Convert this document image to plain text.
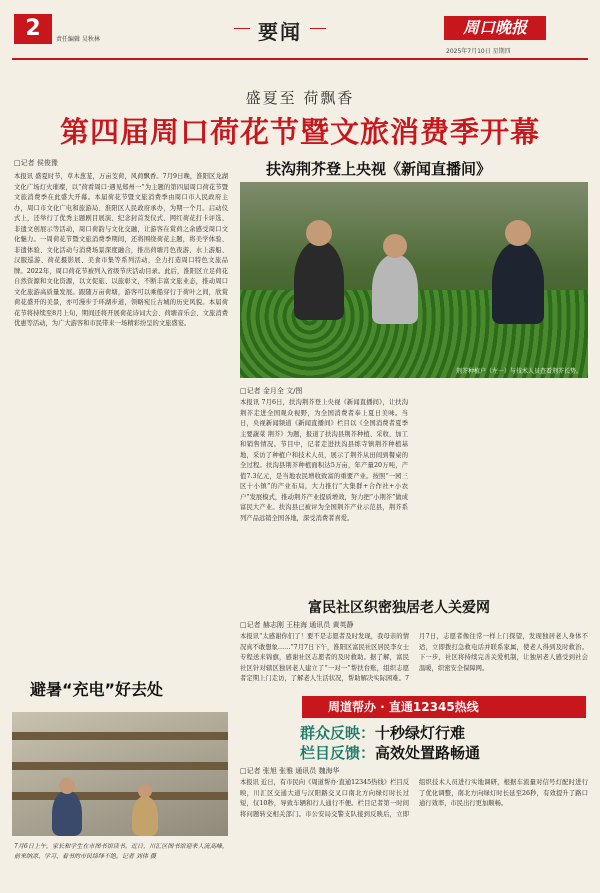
2	责任编辑 吴秋林	要闻	周口晚报
2025年7月10日 星期四
盛夏至 荷飘香
第四届周口荷花节暨文旅消费季开幕
□记者 侯俊豫
本报讯 盛夏时节，草木葱茏，万亩芰荷，风荷飘香。7月9日晚，淮阳区龙湖文化广场灯火璀璨，以“荷看周口·遇见郑州一”为主题的第四届周口荷花节暨文旅消费季在此盛大开幕。本届荷花节暨文旅消费季由周口市人民政府主办，周口市文化广电和旅游局、淮阳区人民政府承办，为期一个月。启动仪式上，还举行了优秀主题剧目展演、纪念封首发仪式、网红荷花打卡评选、非遗文创展示等活动，周口荷韵与文化交融，让游客在赏荷之余感受周口文化魅力。一周荷花节暨文旅消费季期间，还将围绕荷花主题，将美学体验、非遗体验、文化活动与消费场景深度融合，推出荷塘月色夜游、水上游船、汉服巡游、荷花摄影展、美食市集等系列活动，全力打造周口特色文旅品牌。2022年，周口荷花节被列入省级节庆活动目录。此后，淮阳区立足荷花自然资源和文化资源，以文促旅、以旅彰文，不断丰富文旅业态，推动周口文化旅游高质量发展。跟随万亩荷塘，游客可以乘船穿行于荷叶之间，欣赏荷花盛开的美景，亦可漫步于环湖步道，领略宛丘古城的历史风貌。本届荷花节将持续至8月上旬，期间还将开展荷花诗词大会、荷塘音乐会、文旅消费优惠等活动，为广大游客和市民带来一场精彩纷呈的文旅盛宴。
避暑“充电”好去处
7月6日上午，家长和学生在市图书馆读书。近日，川汇区图书馆迎来人流高峰，前来纳凉、学习、看书的市民络绎不绝。记者 刘伟 摄
扶沟荆芥登上央视《新闻直播间》
荆芥种植户（左一）与技术人员查看荆芥长势。
□记者 金月全 文/图
本报讯 7月6日，扶沟荆芥登上央视《新闻直播间》，让扶沟荆芥走进全国观众视野，为全国消费者奉上夏日美味。当日，央视新闻频道《新闻直播间》栏目以《全国消费者夏季主要蔬菜 荆芥》为题，报道了扶沟县荆芥种植、采收、加工和销售情况。节目中，记者走进扶沟县练寺镇荆芥种植基地，采访了种植户和技术人员，展示了荆芥从田间到餐桌的全过程。扶沟县荆芥种植面积达5万亩，年产量20万吨，产值7.3亿元，是当地农民增收致富的重要产业。按照“一园三区十小镇”的产业布局，大力推行“大集群+合作社+小农户”发展模式，推动荆芥产业提质增效，努力把“小荆芥”做成富民大产业。扶沟县已被评为全国荆芥产业示范县，荆芥系列产品远销全国各地，深受消费者喜爱。
富民社区织密独居老人关爱网
□记者 赫志刚 王桂海 通讯员 黄英静
本报讯“太感谢你们了！要不是志愿者及时发现，我母亲的情况真不敢想象……”7月7日下午，淮阳区富民社区居民李女士专程送来锦旗，感谢社区志愿者的及时救助。据了解，富民社区针对辖区独居老人建立了“一对一”帮扶台账，组织志愿者定期上门走访，了解老人生活状况，帮助解决实际困难。7月7日，志愿者像往常一样上门探望，发现独居老人身体不适，立即拨打急救电话并联系家属，使老人得到及时救治。下一步，社区将持续完善关爱机制，让独居老人感受到社会温暖，织密安全保障网。
周道帮办 · 直通12345热线
群众反映：十秒绿灯行难
栏目反馈：高效处置路畅通
□记者 张旭 张雅 通讯员 魏海华
本报讯 近日，有市民向《周道帮办·直通12345热线》栏目反映，川汇区交通大道与汉阳路交叉口南北方向绿灯时长过短，仅10秒，导致车辆和行人通行不便。栏目记者第一时间将问题转交相关部门。市公安局交警支队接到反映后，立即组织技术人员进行实地调研，根据车流量对信号灯配时进行了优化调整，南北方向绿灯时长延至26秒，有效提升了路口通行效率，市民出行更加顺畅。
